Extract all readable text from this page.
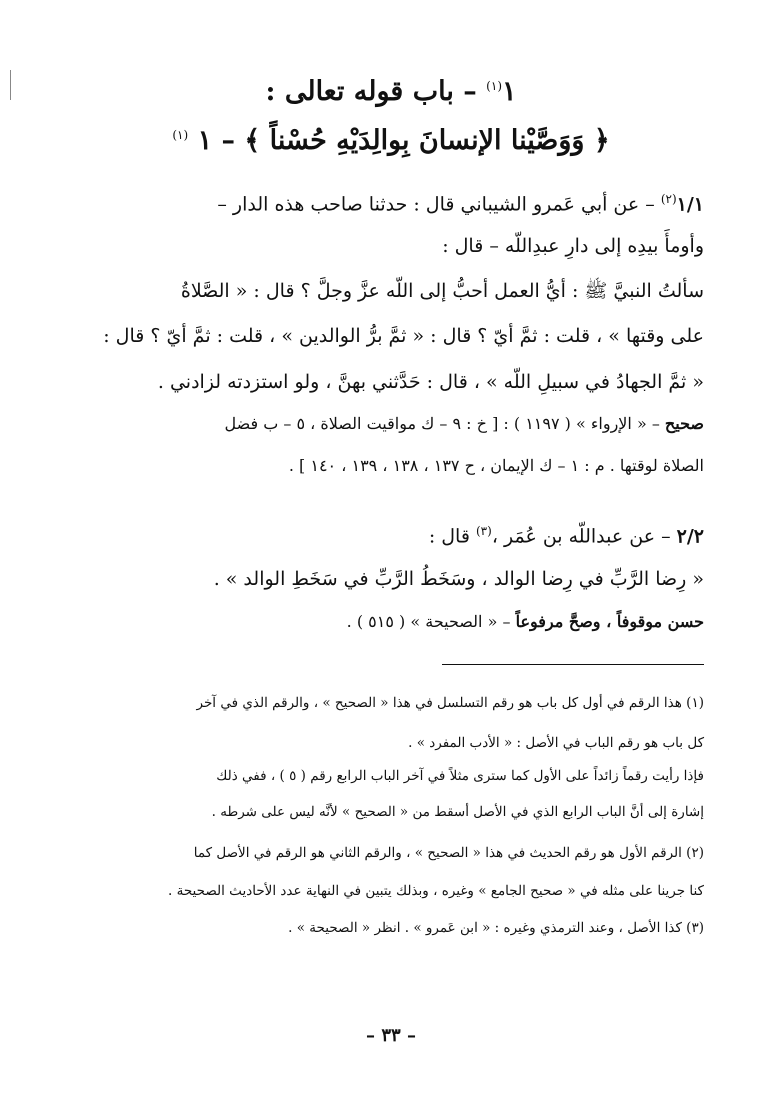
١$^{(١)}$ – باب قوله تعالى :
﴿ وَوَصَّيْنا الإنسانَ بِوالِدَيْهِ حُسْناً ﴾ – ١ $^{(١)}$
١/١$^{(٢)}$ – عن أبي عَمرو الشيباني قال : حدثنا صاحب هذه الدار –
وأومأَ بيدِه إلى دارِ عبدِاللّه – قال :
سألتُ النبيَّ ﷺ : أيُّ العمل أحبُّ إلى اللّه عزَّ وجلَّ ؟ قال : « الصَّلاةُ
على وقتها » ، قلت : ثمَّ أيّ ؟ قال : « ثمَّ برُّ الوالدين » ، قلت : ثمَّ أيّ ؟ قال :
« ثمَّ الجهادُ في سبيلِ اللّه » ، قال : حَدَّثني بهنَّ ، ولو استزدته لزادني .
صحيح – « الإرواء » ( ١١٩٧ ) : [ خ : ٩ – ك مواقيت الصلاة ، ٥ – ب فضل
الصلاة لوقتها . م : ١ – ك الإيمان ، ح ١٣٧ ، ١٣٨ ، ١٣٩ ، ١٤٠ ] .
٢/٢ – عن عبداللّه بن عُمَر ،$^{(٣)}$ قال :
« رِضا الرَّبِّ في رِضا الوالد ، وسَخَطُ الرَّبِّ في سَخَطِ الوالد » .
حسن موقوفاً ، وصحَّ مرفوعاً – « الصحيحة » ( ٥١٥ ) .
(١) هذا الرقم في أول كل باب هو رقم التسلسل في هذا « الصحيح » ، والرقم الذي في آخر
كل باب هو رقم الباب في الأصل : « الأدب المفرد » .
فإذا رأيت رقماً زائداً على الأول كما سترى مثلاً في آخر الباب الرابع رقم ( ٥ ) ، ففي ذلك
إشارة إلى أنَّ الباب الرابع الذي في الأصل أسقط من « الصحيح » لأنَّه ليس على شرطه .
(٢) الرقم الأول هو رقم الحديث في هذا « الصحيح » ، والرقم الثاني هو الرقم في الأصل كما
كنا جرينا على مثله في « صحيح الجامع » وغيره ، وبذلك يتبين في النهاية عدد الأحاديث الصحيحة .
(٣) كذا الأصل ، وعند الترمذي وغيره : « ابن عَمرو » . انظر « الصحيحة » .
– ٣٣ –
